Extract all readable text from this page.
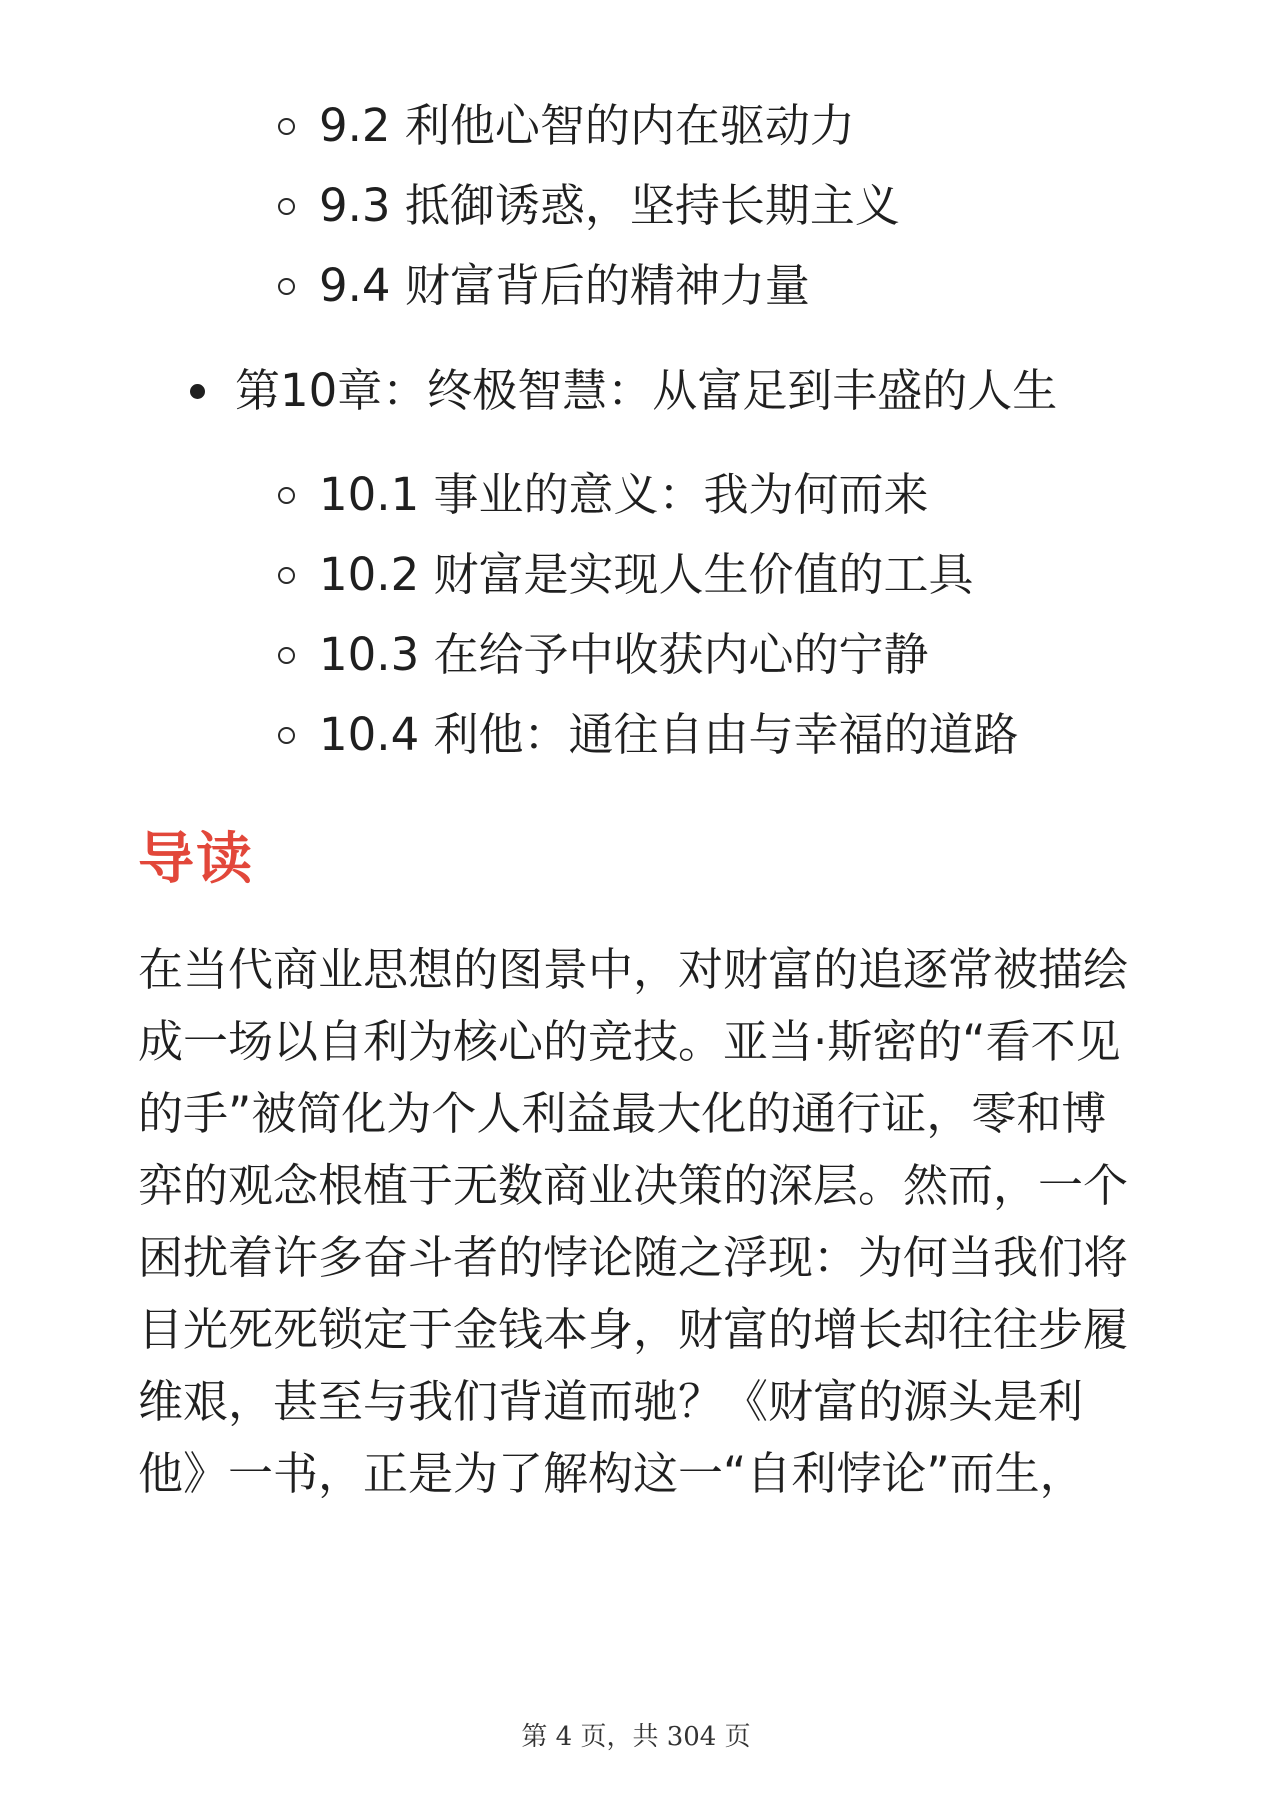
9.2 利他心智的内在驱动力
9.3 抵御诱惑，坚持长期主义
9.4 财富背后的精神力量
第10章：终极智慧：从富足到丰盛的人生
10.1 事业的意义：我为何而来
10.2 财富是实现人生价值的工具
10.3 在给予中收获内心的宁静
10.4 利他：通往自由与幸福的道路
导读

在当代商业思想的图景中，对财富的追逐常被描绘成一场以自利为核心的竞技。亚当·斯密的“看不见的手”被简化为个人利益最大化的通行证，零和博弈的观念根植于无数商业决策的深层。然而，一个困扰着许多奋斗者的悖论随之浮现：为何当我们将目光死死锁定于金钱本身，财富的增长却往往步履维艰，甚至与我们背道而驰？《财富的源头是利他》一书，正是为了解构这一“自利悖论”而生，

第 4 页，共 304 页
